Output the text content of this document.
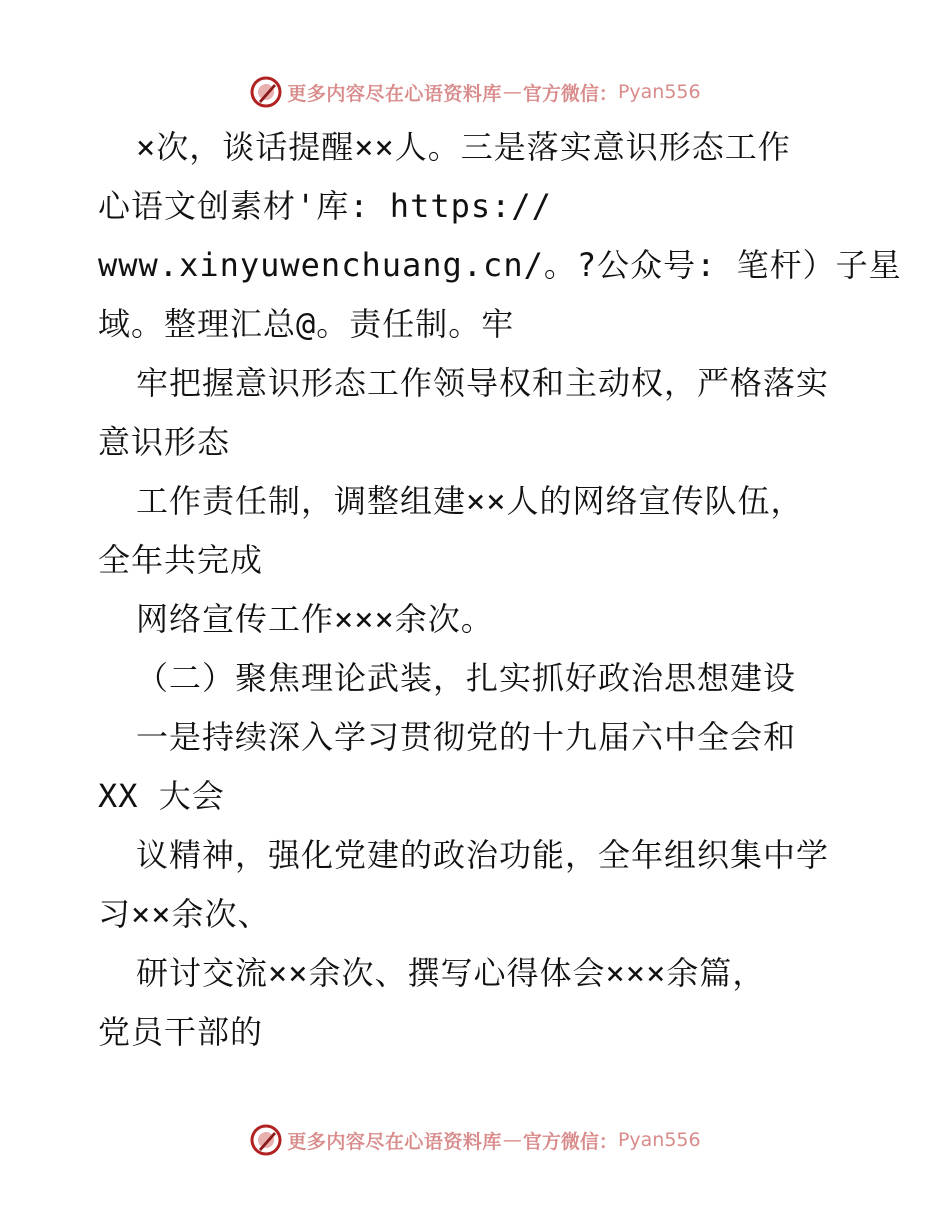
更多内容尽在心语资料库 — 官方微信： Pyan556
×次，谈话提醒××人。三是落实意识形态工作
心语文创素材'库: https://
www.xinyuwenchuang.cn/。?公众号: 笔杆）子星
域。整理汇总@。责任制。牢
牢把握意识形态工作领导权和主动权，严格落实
意识形态
工作责任制，调整组建××人的网络宣传队伍，
全年共完成
网络宣传工作×××余次。
（二）聚焦理论武装，扎实抓好政治思想建设
一是持续深入学习贯彻党的十九届六中全会和
XX 大会
议精神，强化党建的政治功能，全年组织集中学
习××余次、
研讨交流××余次、撰写心得体会×××余篇，
党员干部的
更多内容尽在心语资料库 — 官方微信： Pyan556
